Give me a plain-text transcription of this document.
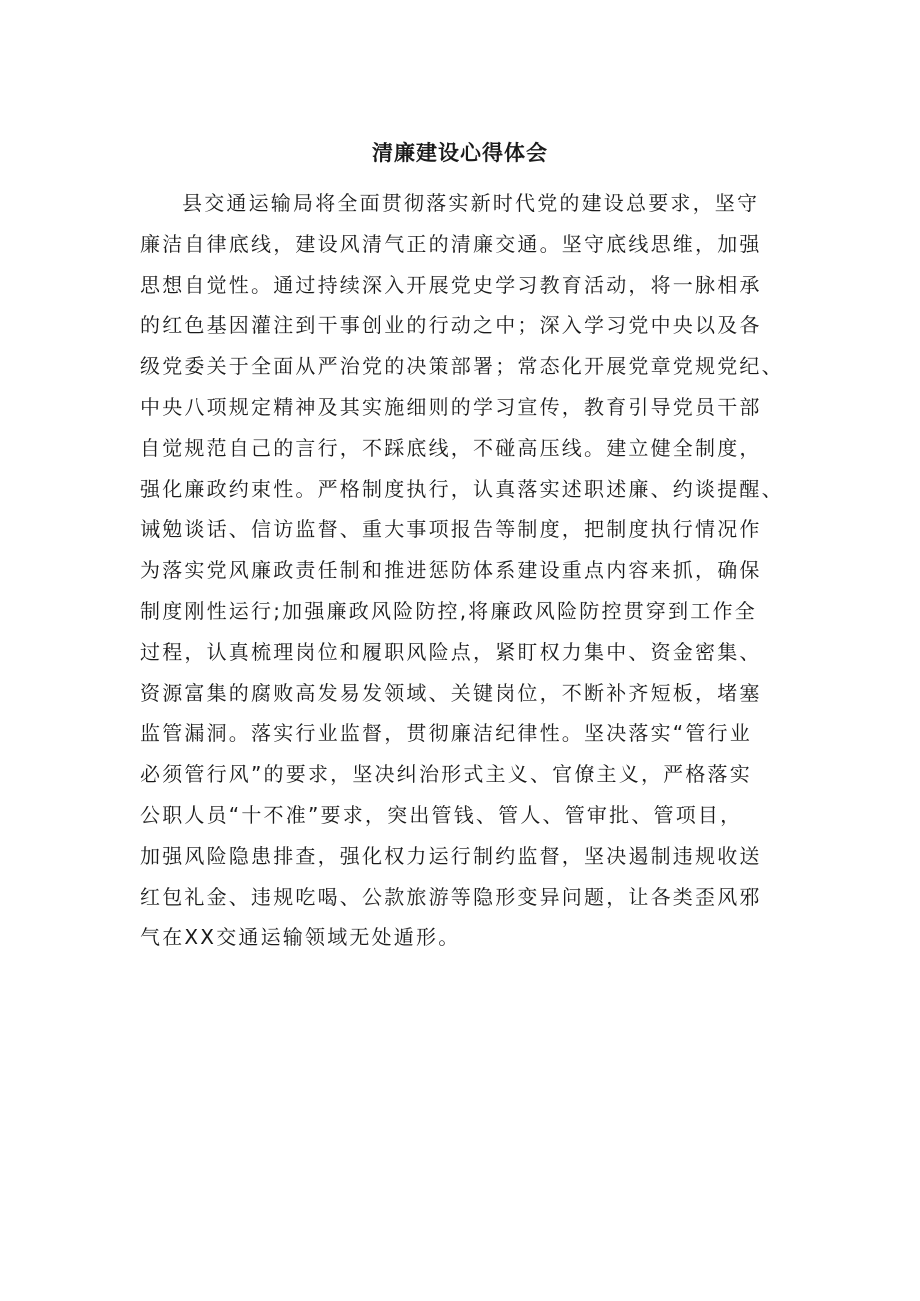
清廉建设心得体会
县交通运输局将全面贯彻落实新时代党的建设总要求，坚守
廉洁自律底线，建设风清气正的清廉交通。坚守底线思维，加强
思想自觉性。通过持续深入开展党史学习教育活动，将一脉相承
的红色基因灌注到干事创业的行动之中；深入学习党中央以及各
级党委关于全面从严治党的决策部署；常态化开展党章党规党纪、
中央八项规定精神及其实施细则的学习宣传，教育引导党员干部
自觉规范自己的言行，不踩底线，不碰高压线。建立健全制度，
强化廉政约束性。严格制度执行，认真落实述职述廉、约谈提醒、
诫勉谈话、信访监督、重大事项报告等制度，把制度执行情况作
为落实党风廉政责任制和推进惩防体系建设重点内容来抓，确保
制度刚性运行;加强廉政风险防控,将廉政风险防控贯穿到工作全
过程，认真梳理岗位和履职风险点，紧盯权力集中、资金密集、
资源富集的腐败高发易发领域、关键岗位，不断补齐短板，堵塞
监管漏洞。落实行业监督，贯彻廉洁纪律性。坚决落实“管行业
必须管行风”的要求，坚决纠治形式主义、官僚主义，严格落实
公职人员“十不准”要求，突出管钱、管人、管审批、管项目，
加强风险隐患排查，强化权力运行制约监督，坚决遏制违规收送
红包礼金、违规吃喝、公款旅游等隐形变异问题，让各类歪风邪
气在XX交通运输领域无处遁形。
